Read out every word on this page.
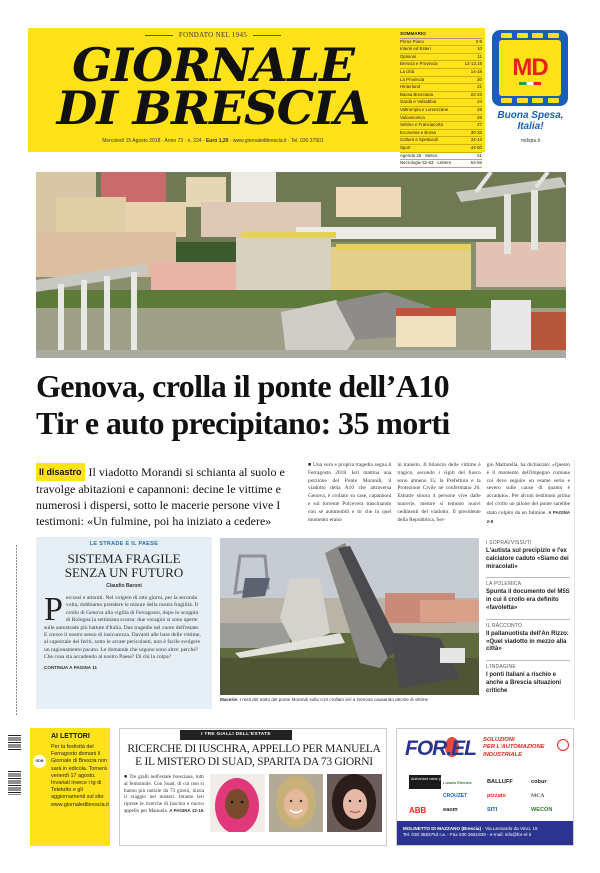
FONDATO NEL 1945
GIORNALE
DI BRESCIA
Mercoledì 15 Agosto 2018 · Anno 73 · n. 224 · Euro 1,20 · www.giornaledibrescia.it · Tel. 030.37901
SOMMARIO
Primo Piano	2-9
Interni ed Esteri	10
Opinioni	11
Brescia e Provincia	12-13,19
La città	14-18
La Provincia	20
Hinterland	21
Bassa Bresciana	22-23
Garda e Valsabbia	24
Valtrompia e Lumezzane	25
Valcamonica	26
Sebino e Franciacorta	27
Economia e Borsa	30-33
Cultura e Spettacoli	34-43
Sport	44-50
Agenda 29 · Meteo	51
Necrologie 52-53 · Lettere	54-55
MD
Buona Spesa, Italia!
mdspa.it
Genova, crolla il ponte dell’A10
Tir e auto precipitano: 35 morti
Il disastro Il viadotto Morandi si schianta al suolo e travolge abitazioni e capannoni: decine le vittime e numerosi i dispersi, sotto le macerie persone vive I testimoni: «Un fulmine, poi ha iniziato a cedere»
■ Una vera e propria tragedia segna il Ferragosto 2018. Ieri mattina una porzione del Ponte Morandi, il viadotto della A10 che attraversa Genova, è crollato su case, capannoni e sul torrente Polcevera trascinando con sé automobili e tir che in quel momento erano
in transito. Il bilancio delle vittime è tragico, secondo i vigili del fuoco sono almeno 35, la Prefettura e la Protezione Civile ne confermano 26. Estratte sinora 4 persone vive dalle macerie, mentre si temono nuovi cedimenti del viadotto. Il presidente della Repubblica, Ser-
gio Mattarella, ha dichiarato: «Questo è il momento dell'impegno comune cui deve seguire un esame serio e severo sulle cause di quanto è accaduto». Per alcuni testimoni prima del crollo un pilone del ponte sarebbe stato colpito da un fulmine. A PAGINA 2-9
LE STRADE E IL PAESE
SISTEMA FRAGILE
SENZA UN FUTURO
Claudio Baroni
Percossi e attoniti. Nel volgere di otto giorni, per la seconda volta, dobbiamo prendere le misure della nostra fragilità. Il crollo di Genova alla vigilia di Ferragosto, dopo lo scoppio di Bologna la settimana scorsa: due voragini si sono aperte sulle autostrade più battute d'Italia. Due tragedie nel cuore dell'estate. E cresce il nostro senso di insicurezza. Davanti alle bare delle vittime, al capezzale dei feriti, sotto le arcate pericolanti, non è facile svolgere un ragionamento pacato. Le domande che urgono sono altre: perché? Che cosa sta accadendo al nostro Paese? Di chi la colpa?
CONTINUA A PAGINA 11
Macerie. I resti del tratto del ponte Morandi sulla A10 crollato ieri a Genova causando decine di vittime
I SOPRAVVISSUTI
L'autista sul precipizio e l'ex calciatore caduto «Siamo dei miracolati»
LA POLEMICA
Spunta il documento del M5S in cui il crollo era definito «favoletta»
IL RACCONTO
Il pallanuotista dell'An Rizzo: «Quel viadotto in mezzo alla città»
L'INDAGINE
I ponti italiani a rischio e anche a Brescia situazioni critiche
GDB
AI LETTORI
Per la festività del Ferragosto domani il Giornale di Brescia non sarà in edicola. Tornerà venerdì 17 agosto. Invariati invece i tg di Teletutto e gli aggiornamenti sul sito www.giornaledibrescia.it
I TRE GIALLI DELL'ESTATE
RICERCHE DI IUSCHRA, APPELLO PER MANUELA
E IL MISTERO DI SUAD, SPARITA DA 73 GIORNI
■ Tre gialli nell'estate bresciana, tutti al femminile. Con Suad, di cui non si hanno più notizie da 73 giorni, inizia il viaggio nei misteri. Intanto ieri riprese le ricerche di Iuschra e nuovo appello per Manuela. A PAGINA 12-15
FOR.EL SOLUZIONI
PER L'AUTOMAZIONE
INDUSTRIALE
Authorized value provider
Lovato Electric	BALLUFF	cobur
CROUZET	pizzato	MCA
ABB	eaom	SITI	WECON
MOLINETTO DI MAZZANO (Brescia) - Via Leonardo da Vinci, 15
Tel. 030 3583753 r.a. - Fax 030 2681939 - e-mail: info@for-el.it
